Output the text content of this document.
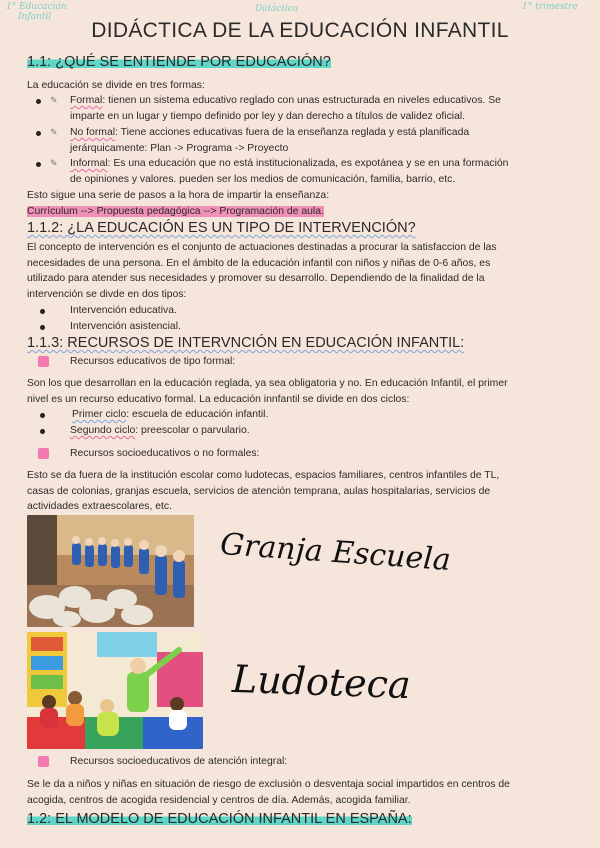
1° Educación
Infantil
Didáctica	1° trimestre
DIDÁCTICA DE LA EDUCACIÓN INFANTIL
1.1: ¿QUÉ SE ENTIENDE POR EDUCACIÓN?
La educación se divide en tres formas:
✎ Formal: tienen un sistema educativo reglado con unas estructurada en niveles educativos. Se
imparte en un lugar y tiempo definido por ley y dan derecho a títulos de validez oficial.
✎ No formal: Tiene acciones educativas fuera de la enseñanza reglada y está planificada
jerárquicamente: Plan -> Programa -> Proyecto
✎ Informal: Es una educación que no está institucionalizada, es expotánea y se en una formación
de opiniones y valores. pueden ser los medios de comunicación, familia, barrio, etc.
Esto sigue una serie de pasos a la hora de impartir la enseñanza:
Currículum --> Propuesta pedagógica --> Programación de aula.
1.1.2: ¿LA EDUCACIÓN ES UN TIPO DE INTERVENCIÓN?
El concepto de intervención es el conjunto de actuaciones destinadas a procurar la satisfaccion de las
necesidades de una persona. En el ámbito de la educación infantil con niños y niñas de 0-6 años, es
utilizado para atender sus necesidades y promover su desarrollo. Dependiendo de la finalidad de la
intervención se divde en dos tipos:
Intervención educativa.
Intervención asistencial.
1.1.3: RECURSOS DE INTERVNCIÓN EN EDUCACIÓN INFANTIL:
Recursos educativos de tipo formal:
Son los que desarrollan en la educación reglada, ya sea obligatoria y no. En educación Infantil, el primer
nivel es un recurso educativo formal. La educación innfantil se divide en dos ciclos:
Primer ciclo: escuela de educación infantil.
Segundo ciclo: preescolar o parvulario.
Recursos socioeducativos o no formales:
Esto se da fuera de la institución escolar como ludotecas, espacios familiares, centros infantiles de TL,
casas de colonias, granjas escuela, servicios de atención temprana, aulas hospitalarias, servicios de
actividades extraescolares, etc.
Granja Escuela
Ludoteca
Recursos socioeducativos de atención integral:
Se le da a niños y niñas en situación de riesgo de exclusión o desventaja social impartidos en centros de
acogida, centros de acogida residencial y centros de día. Además, acogida familiar.
1.2: EL MODELO DE EDUCACIÓN INFANTIL EN ESPAÑA:
